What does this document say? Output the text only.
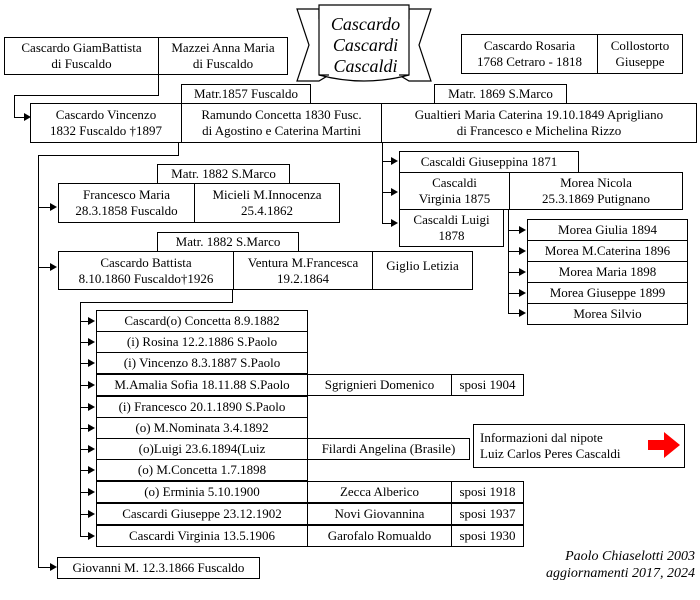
Cascardo
Cascardi
Cascaldi
Cascardo GiamBattista
di Fuscaldo
Mazzei Anna Maria
di Fuscaldo
Cascardo Rosaria
1768 Cetraro - 1818
Collostorto
Giuseppe
Matr.1857 Fuscaldo	Matr. 1869 S.Marco
Cascardo Vincenzo
1832 Fuscaldo †1897
Ramundo Concetta 1830 Fusc.
di Agostino e Caterina Martini
Gualtieri Maria Caterina 19.10.1849 Aprigliano
di Francesco e Michelina Rizzo
Cascaldi Giuseppina 1871
Cascaldi
Virginia 1875
Morea Nicola
25.3.1869 Putignano
Cascaldi Luigi
1878	Morea Giulia 1894
Morea M.Caterina 1896
Morea Maria 1898
Morea Giuseppe 1899
Morea Silvio
Matr. 1882 S.Marco
Francesco Maria
28.3.1858 Fuscaldo
Micieli M.Innocenza
25.4.1862
Matr. 1882 S.Marco
Cascardo Battista
8.10.1860 Fuscaldo†1926
Ventura M.Francesca
19.2.1864
Giglio Letizia
Cascard(o) Concetta 8.9.1882
(i) Rosina 12.2.1886 S.Paolo
(i) Vincenzo 8.3.1887 S.Paolo
M.Amalia Sofia 18.11.88 S.Paolo	Sgrignieri Domenico sposi 1904
(i) Francesco 20.1.1890 S.Paolo
(o) M.Nominata 3.4.1892
(o)Luigi 23.6.1894(Luiz	Filardi Angelina (Brasile)
(o) M.Concetta 1.7.1898
(o) Erminia 5.10.1900	Zecca Alberico	sposi 1918
Cascardi Giuseppe 23.12.1902	Novi Giovannina	sposi 1937
Cascardi Virginia 13.5.1906	Garofalo Romualdo sposi 1930
Giovanni M. 12.3.1866 Fuscaldo
Informazioni dal nipote
Luiz Carlos Peres Cascaldi
Paolo Chiaselotti 2003
aggiornamenti 2017, 2024
